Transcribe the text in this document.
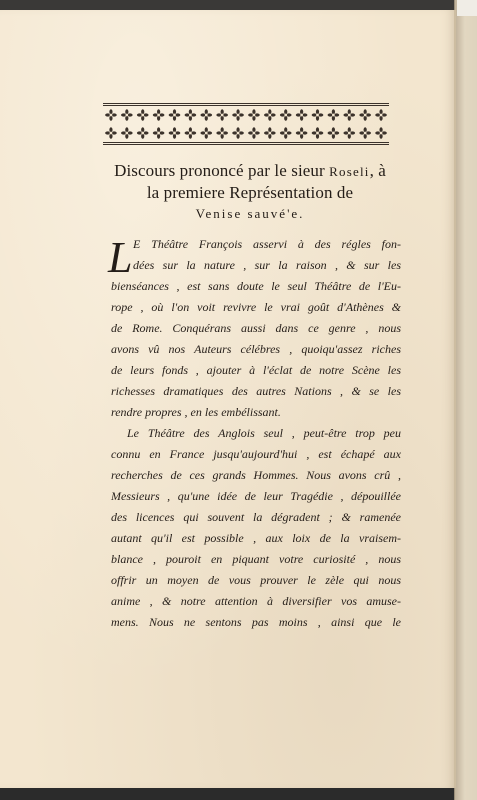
Discours prononcé par le sieur Roseli, à
la premiere Représentation de
Venise sauvé'e.
L E Théâtre François asservi à des régles fon-
dées sur la nature , sur la raison , & sur les
bienséances , est sans doute le seul Théâtre de l'Eu-
rope , où l'on voit revivre le vrai goût d'Athènes &
de Rome. Conquérans aussi dans ce genre , nous
avons vû nos Auteurs célébres , quoiqu'assez riches
de leurs fonds , ajouter à l'éclat de notre Scène les
richesses dramatiques des autres Nations , & se les
rendre propres , en les embélissant.
Le Théâtre des Anglois seul , peut-être trop peu
connu en France jusqu'aujourd'hui , est échapé aux
recherches de ces grands Hommes. Nous avons crû ,
Messieurs , qu'une idée de leur Tragédie , dépouillée
des licences qui souvent la dégradent ; & ramenée
autant qu'il est possible , aux loix de la vraisem-
blance , pouroit en piquant votre curiosité , nous
offrir un moyen de vous prouver le zèle qui nous
anime , & notre attention à diversifier vos amuse-
mens. Nous ne sentons pas moins , ainsi que le
